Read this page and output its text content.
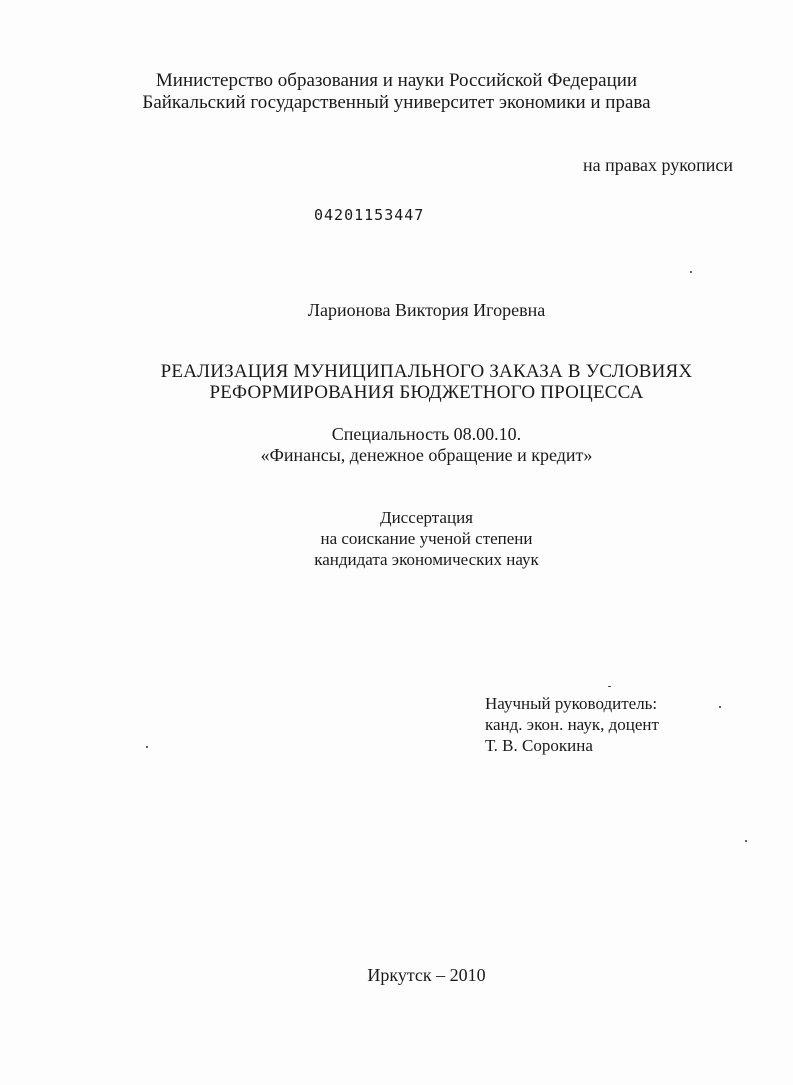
Министерство образования и науки Российской Федерации
Байкальский государственный университет экономики и права
на правах рукописи
04201153447
Ларионова Виктория Игоревна
РЕАЛИЗАЦИЯ МУНИЦИПАЛЬНОГО ЗАКАЗА В УСЛОВИЯХ
РЕФОРМИРОВАНИЯ БЮДЖЕТНОГО ПРОЦЕССА
Специальность 08.00.10.
«Финансы, денежное обращение и кредит»
Диссертация
на соискание ученой степени
кандидата экономических наук
Научный руководитель:
канд. экон. наук, доцент
Т. В. Сорокина
Иркутск – 2010
